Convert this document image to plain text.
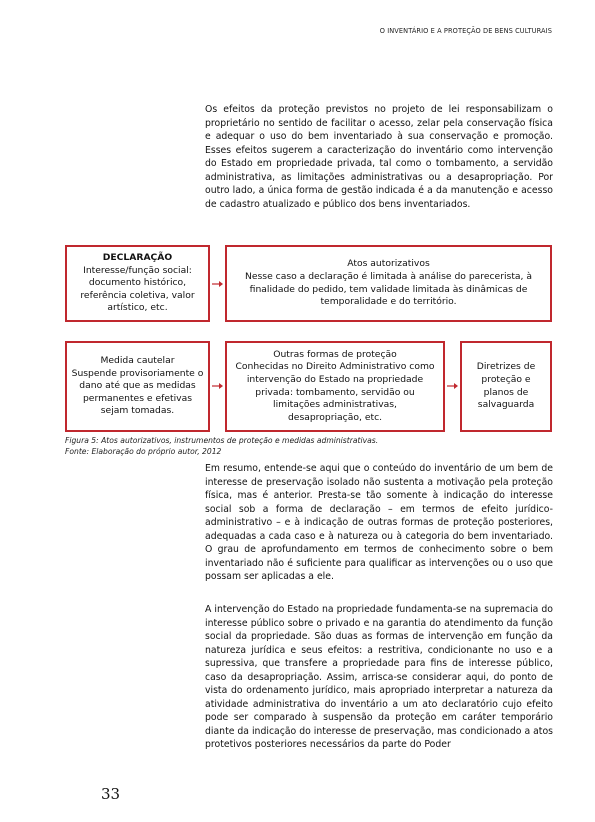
O INVENTÁRIO E A PROTEÇÃO DE BENS CULTURAIS

Os efeitos da proteção previstos no projeto de lei responsabilizam o proprietário no sentido de facilitar o acesso, zelar pela conservação física e adequar o uso do bem inventariado à sua conservação e promoção. Esses efeitos sugerem a caracterização do inventário como intervenção do Estado em propriedade privada, tal como o tombamento, a servidão administrativa, as limitações administrativas ou a desapropriação. Por outro lado, a única forma de gestão indicada é a da manutenção e acesso de cadastro atualizado e público dos bens inventariados.

DECLARAÇÃO
Interesse/função social: documento histórico, referência coletiva, valor artístico, etc.
Atos autorizativos
Nesse caso a declaração é limitada à análise do parecerista, à finalidade do pedido, tem validade limitada às dinâmicas de temporalidade e do território.
Medida cautelar
Suspende provisoriamente o dano até que as medidas permanentes e efetivas sejam tomadas.
Outras formas de proteção
Conhecidas no Direito Administrativo como intervenção do Estado na propriedade privada: tombamento, servidão ou limitações administrativas, desapropriação, etc.
Diretrizes de proteção e planos de salvaguarda
Figura 5: Atos autorizativos, instrumentos de proteção e medidas administrativas.
Fonte: Elaboração do próprio autor, 2012

Em resumo, entende-se aqui que o conteúdo do inventário de um bem de interesse de preservação isolado não sustenta a motivação pela proteção física, mas é anterior. Presta-se tão somente à indicação do interesse social sob a forma de declaração – em termos de efeito jurídico-administrativo – e à indicação de outras formas de proteção posteriores, adequadas a cada caso e à natureza ou à categoria do bem inventariado. O grau de aprofundamento em termos de conhecimento sobre o bem inventariado não é suficiente para qualificar as intervenções ou o uso que possam ser aplicadas a ele.

A intervenção do Estado na propriedade fundamenta-se na supremacia do interesse público sobre o privado e na garantia do atendimento da função social da propriedade. São duas as formas de intervenção em função da natureza jurídica e seus efeitos: a restritiva, condicionante no uso e a supressiva, que transfere a propriedade para fins de interesse público, caso da desapropriação. Assim, arrisca-se considerar aqui, do ponto de vista do ordenamento jurídico, mais apropriado interpretar a natureza da atividade administrativa do inventário a um ato declaratório cujo efeito pode ser comparado à suspensão da proteção em caráter temporário diante da indicação do interesse de preservação, mas condicionado a atos protetivos posteriores necessários da parte do Poder

33
